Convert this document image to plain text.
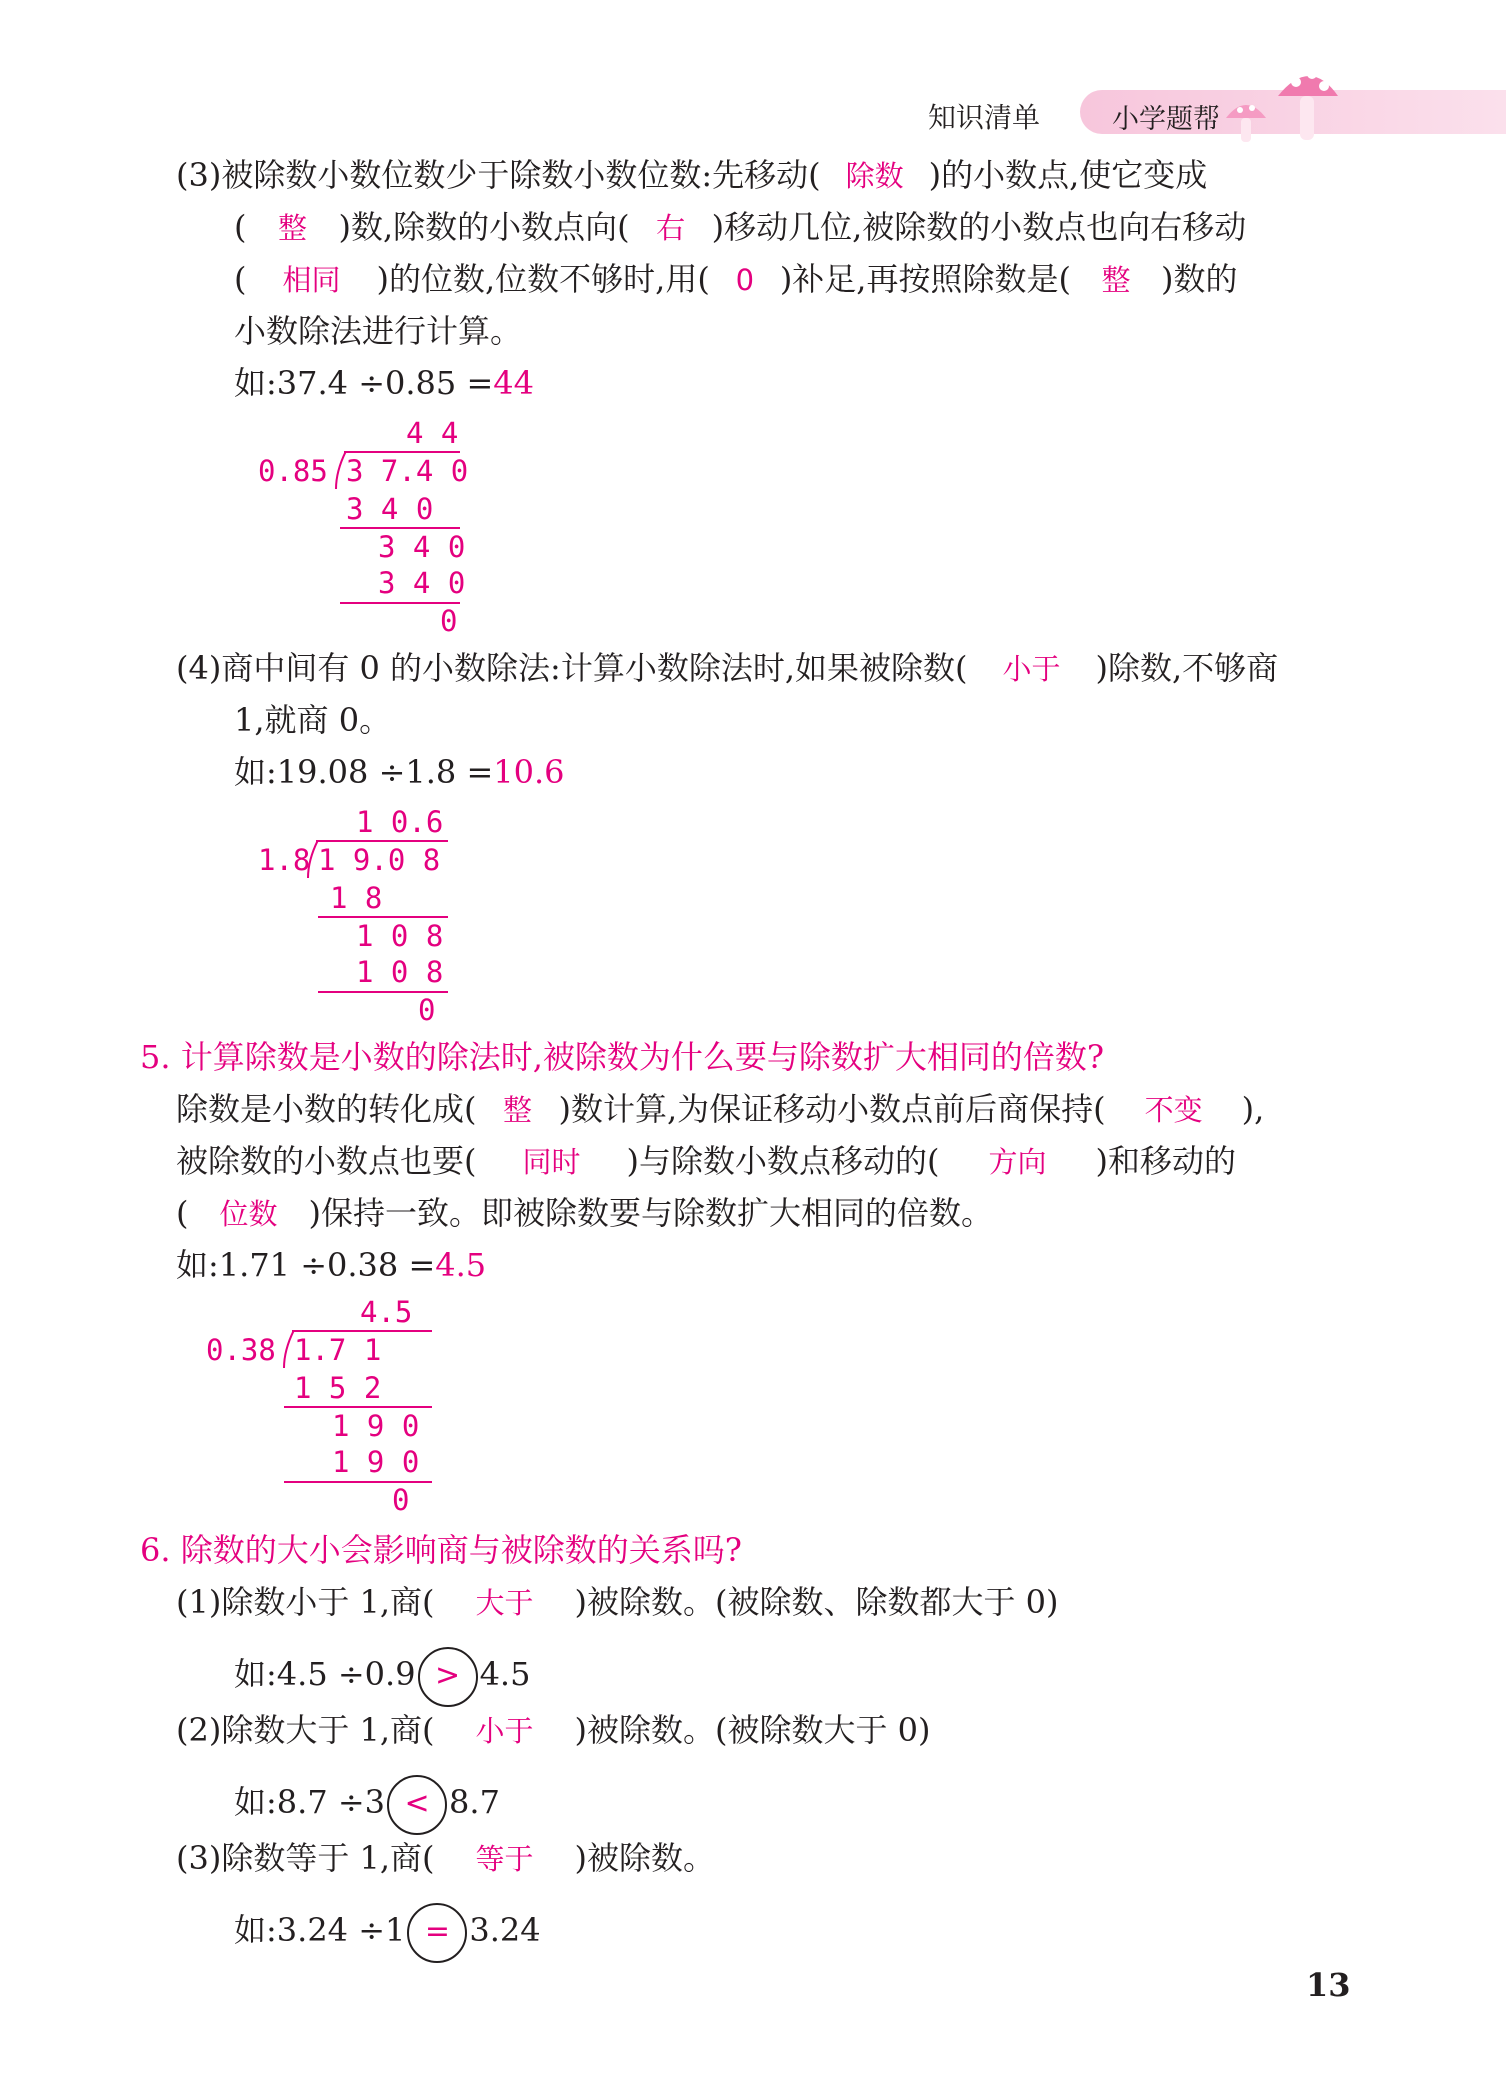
知识清单	小学题帮
(3)被除数小数位数少于除数小数位数:先移动( 除数 )的小数点,使它变成
( 整 )数,除数的小数点向( 右 )移动几位,被除数的小数点也向右移动
( 相同 )的位数,位数不够时,用( 0 )补足,再按照除数是( 整 )数的
小数除法进行计算。
如:37.4 ÷0.85 =44
4 4
0.85 3 7.4 0
3 4 0
3 4 0
3 4 0
0
(4)商中间有 0 的小数除法:计算小数除法时,如果被除数( 小于 )除数,不够商
1,就商 0。
如:19.08 ÷1.8 =10.6
1 0.6
1.8 1 9.0 8
1 8
1 0 8
1 0 8
0
5. 计算除数是小数的除法时,被除数为什么要与除数扩大相同的倍数?
除数是小数的转化成( 整 )数计算,为保证移动小数点前后商保持( 不变 ),
被除数的小数点也要( 同时 )与除数小数点移动的( 方向 )和移动的
( 位数 )保持一致。即被除数要与除数扩大相同的倍数。
如:1.71 ÷0.38 =4.5
4.5
0.38 1.7 1
1 5 2
1 9 0
1 9 0
0
6. 除数的大小会影响商与被除数的关系吗?
(1)除数小于 1,商( 大于 )被除数。(被除数、除数都大于 0)
如:4.5 ÷0.9 > 4.5
(2)除数大于 1,商( 小于 )被除数。(被除数大于 0)
如:8.7 ÷3 < 8.7
(3)除数等于 1,商( 等于 )被除数。
如:3.24 ÷1 = 3.24
13
